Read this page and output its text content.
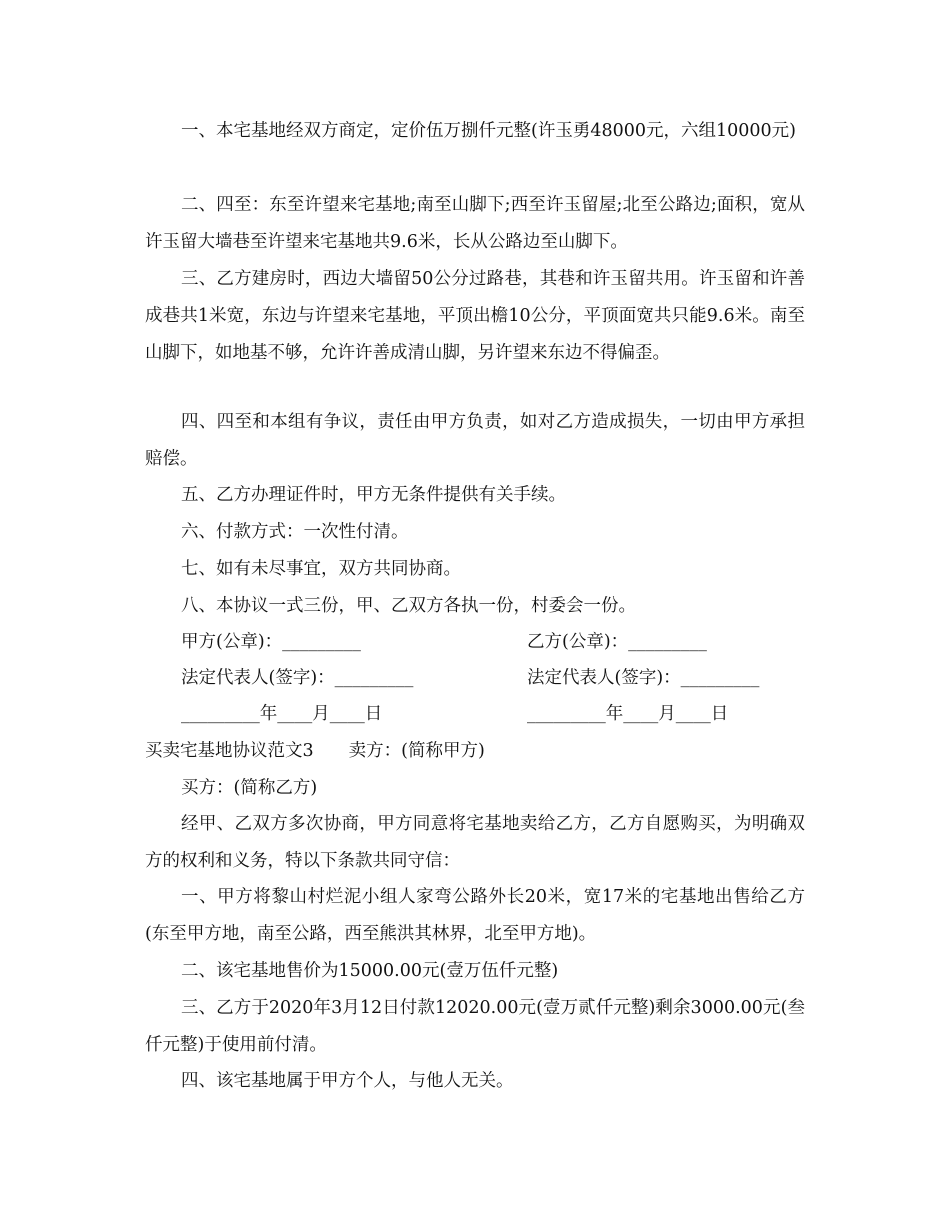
一、本宅基地经双方商定，定价伍万捌仟元整(许玉勇48000元，六组10000元)

二、四至：东至许望来宅基地;南至山脚下;西至许玉留屋;北至公路边;面积，宽从许玉留大墙巷至许望来宅基地共9.6米，长从公路边至山脚下。

三、乙方建房时，西边大墙留50公分过路巷，其巷和许玉留共用。许玉留和许善成巷共1米宽，东边与许望来宅基地，平顶出檐10公分，平顶面宽共只能9.6米。南至山脚下，如地基不够，允许许善成清山脚，另许望来东边不得偏歪。

四、四至和本组有争议，责任由甲方负责，如对乙方造成损失，一切由甲方承担赔偿。

五、乙方办理证件时，甲方无条件提供有关手续。

六、付款方式：一次性付清。

七、如有未尽事宜，双方共同协商。

八、本协议一式三份，甲、乙双方各执一份，村委会一份。

甲方(公章)：_________	乙方(公章)：_________
法定代表人(签字)：_________	法定代表人(签字)：_________
_________年____月____日	_________年____月____日
买卖宅基地协议范文3　　卖方：(简称甲方)
买方：(简称乙方)

经甲、乙双方多次协商，甲方同意将宅基地卖给乙方，乙方自愿购买，为明确双方的权利和义务，特以下条款共同守信：

一、甲方将黎山村烂泥小组人家弯公路外长20米，宽17米的宅基地出售给乙方(东至甲方地，南至公路，西至熊洪其林界，北至甲方地)。

二、该宅基地售价为15000.00元(壹万伍仟元整)

三、乙方于2020年3月12日付款12020.00元(壹万贰仟元整)剩余3000.00元(叁仟元整)于使用前付清。

四、该宅基地属于甲方个人，与他人无关。
